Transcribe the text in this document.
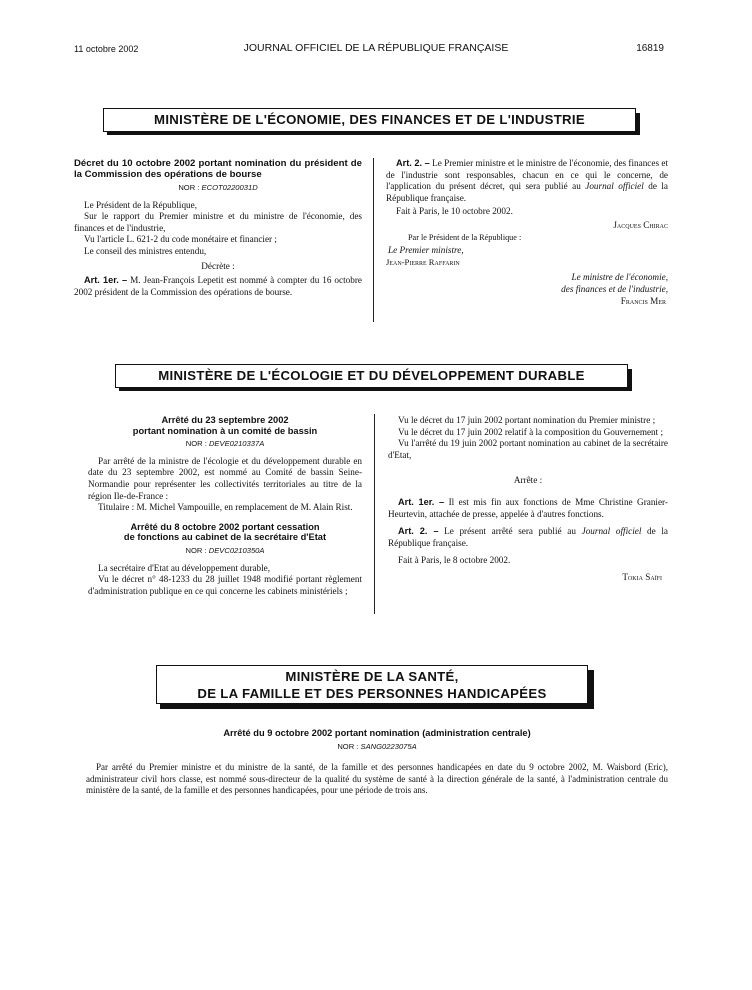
11 octobre 2002	JOURNAL OFFICIEL DE LA RÉPUBLIQUE FRANÇAISE	16819
MINISTÈRE DE L'ÉCONOMIE, DES FINANCES ET DE L'INDUSTRIE
Décret du 10 octobre 2002 portant nomination du président de la Commission des opérations de bourse
NOR : ECOT0220031D

Le Président de la République,

Sur le rapport du Premier ministre et du ministre de l'économie, des finances et de l'industrie,

Vu l'article L. 621-2 du code monétaire et financier ;

Le conseil des ministres entendu,

Décrète :

Art. 1er. – M. Jean-François Lepetit est nommé à compter du 16 octobre 2002 président de la Commission des opérations de bourse.

Art. 2. – Le Premier ministre et le ministre de l'économie, des finances et de l'industrie sont responsables, chacun en ce qui le concerne, de l'application du présent décret, qui sera publié au Journal officiel de la République française.

Fait à Paris, le 10 octobre 2002.

Jacques Chirac

Par le Président de la République :

Le Premier ministre,

Jean-Pierre Raffarin

Le ministre de l'économie,

des finances et de l'industrie,

Francis Mer

MINISTÈRE DE L'ÉCOLOGIE ET DU DÉVELOPPEMENT DURABLE
Arrêté du 23 septembre 2002
portant nomination à un comité de bassin
NOR : DEVE0210337A

Par arrêté de la ministre de l'écologie et du développement durable en date du 23 septembre 2002, est nommé au Comité de bassin Seine-Normandie pour représenter les collectivités territoriales au titre de la région Ile-de-France :

Titulaire : M. Michel Vampouille, en remplacement de M. Alain Rist.

Arrêté du 8 octobre 2002 portant cessation
de fonctions au cabinet de la secrétaire d'Etat
NOR : DEVC0210350A

La secrétaire d'Etat au développement durable,

Vu le décret n° 48-1233 du 28 juillet 1948 modifié portant règlement d'administration publique en ce qui concerne les cabinets ministériels ;

Vu le décret du 17 juin 2002 portant nomination du Premier ministre ;

Vu le décret du 17 juin 2002 relatif à la composition du Gouvernement ;

Vu l'arrêté du 19 juin 2002 portant nomination au cabinet de la secrétaire d'Etat,

Arrête :

Art. 1er. – Il est mis fin aux fonctions de Mme Christine Granier-Heurtevin, attachée de presse, appelée à d'autres fonctions.

Art. 2. – Le présent arrêté sera publié au Journal officiel de la République française.

Fait à Paris, le 8 octobre 2002.

Tokia Saïfi

MINISTÈRE DE LA SANTÉ,
DE LA FAMILLE ET DES PERSONNES HANDICAPÉES
Arrêté du 9 octobre 2002 portant nomination (administration centrale)
NOR : SANG0223075A

Par arrêté du Premier ministre et du ministre de la santé, de la famille et des personnes handicapées en date du 9 octobre 2002, M. Waisbord (Eric), administrateur civil hors classe, est nommé sous-directeur de la qualité du système de santé à la direction générale de la santé, à l'administration centrale du ministère de la santé, de la famille et des personnes handicapées, pour une période de trois ans.
